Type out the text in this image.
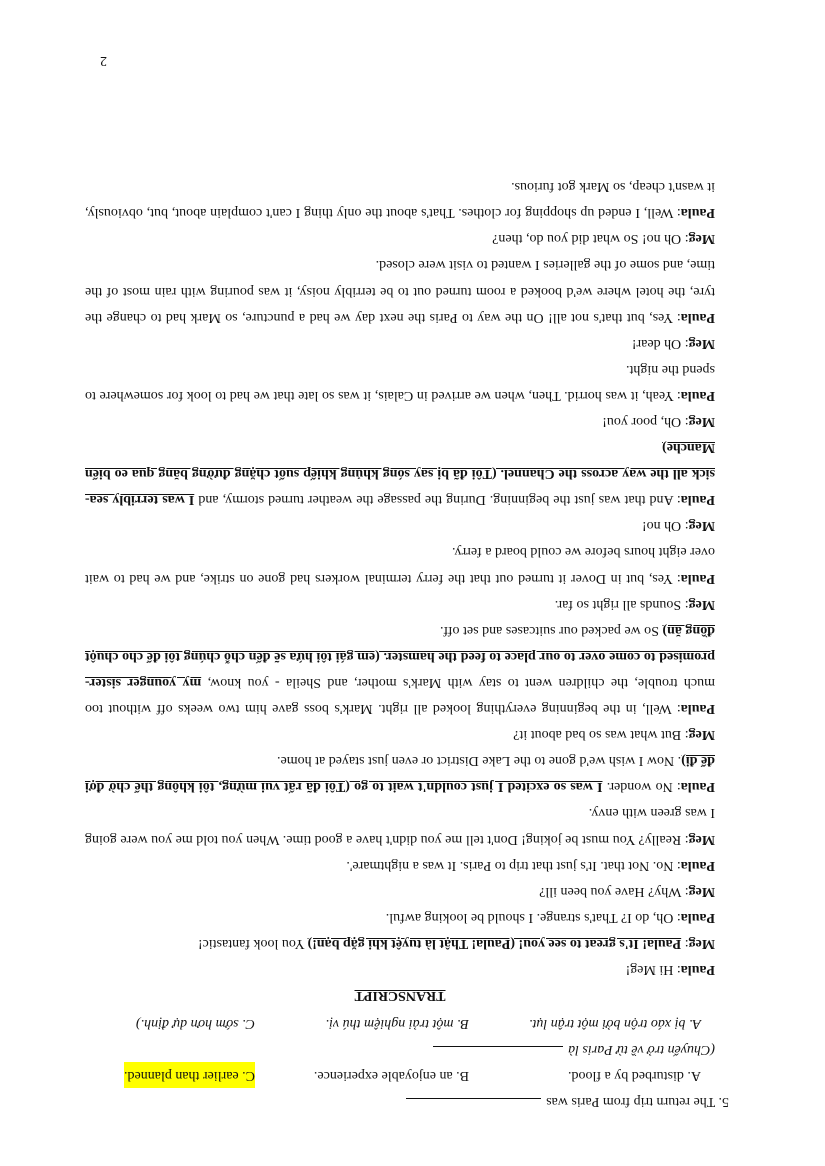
5. The return trip from Paris was
A. disturbed by a flood.
B. an enjoyable experience.
C. earlier than planned.
(Chuyến trở về từ Paris là
A. bị xáo trộn bởi một trận lụt.
B. một trải nghiệm thú vị.
C. sớm hơn dự định.)
TRANSCRIPT

Paula: Hi Meg!

Meg: Paula! It's great to see you! (Paula! Thật là tuyệt khi gặp bạn!) You look fantastic!

Paula: Oh, do I? That's strange. I should be looking awful.

Meg: Why? Have you been ill?

Paula: No. Not that. It's just that trip to Paris. It was a nightmare'.

Meg: Really? You must be joking! Don't tell me you didn't have a good time. When you told me you were going I was green with envy.

Paula: No wonder. I was so excited I just couldn't wait to go (Tôi đã rất vui mừng, tôi không thể chờ đợi để đi). Now I wish we'd gone to the Lake District or even just stayed at home.

Meg: But what was so bad about it?

Paula: Well, in the beginning everything looked all right. Mark's boss gave him two weeks off without too much trouble, the children went to stay with Mark's mother, and Sheila - you know, my younger sister-promised to come over to our place to feed the hamster. (em gái tôi hứa sẽ đến chỗ chúng tôi để cho chuột đồng ăn) So we packed our suitcases and set off.

Meg: Sounds all right so far.

Paula: Yes, but in Dover it turned out that the ferry terminal workers had gone on strike, and we had to wait over eight hours before we could board a ferry.

Meg: Oh no!

Paula: And that was just the beginning. During the passage the weather turned stormy, and I was terribly sea-sick all the way across the Channel. (Tôi đã bị say sóng khủng khiếp suốt chặng đường băng qua eo biển Manche)

Meg: Oh, poor you!

Paula: Yeah, it was horrid. Then, when we arrived in Calais, it was so late that we had to look for somewhere to spend the night.

Meg: Oh dear!

Paula: Yes, but that's not all! On the way to Paris the next day we had a puncture, so Mark had to change the tyre, the hotel where we'd booked a room turned out to be terribly noisy, it was pouring with rain most of the time, and some of the galleries I wanted to visit were closed.

Meg: Oh no! So what did you do, then?

Paula: Well, I ended up shopping for clothes. That's about the only thing I can't complain about, but, obviously, it wasn't cheap, so Mark got furious.

2
